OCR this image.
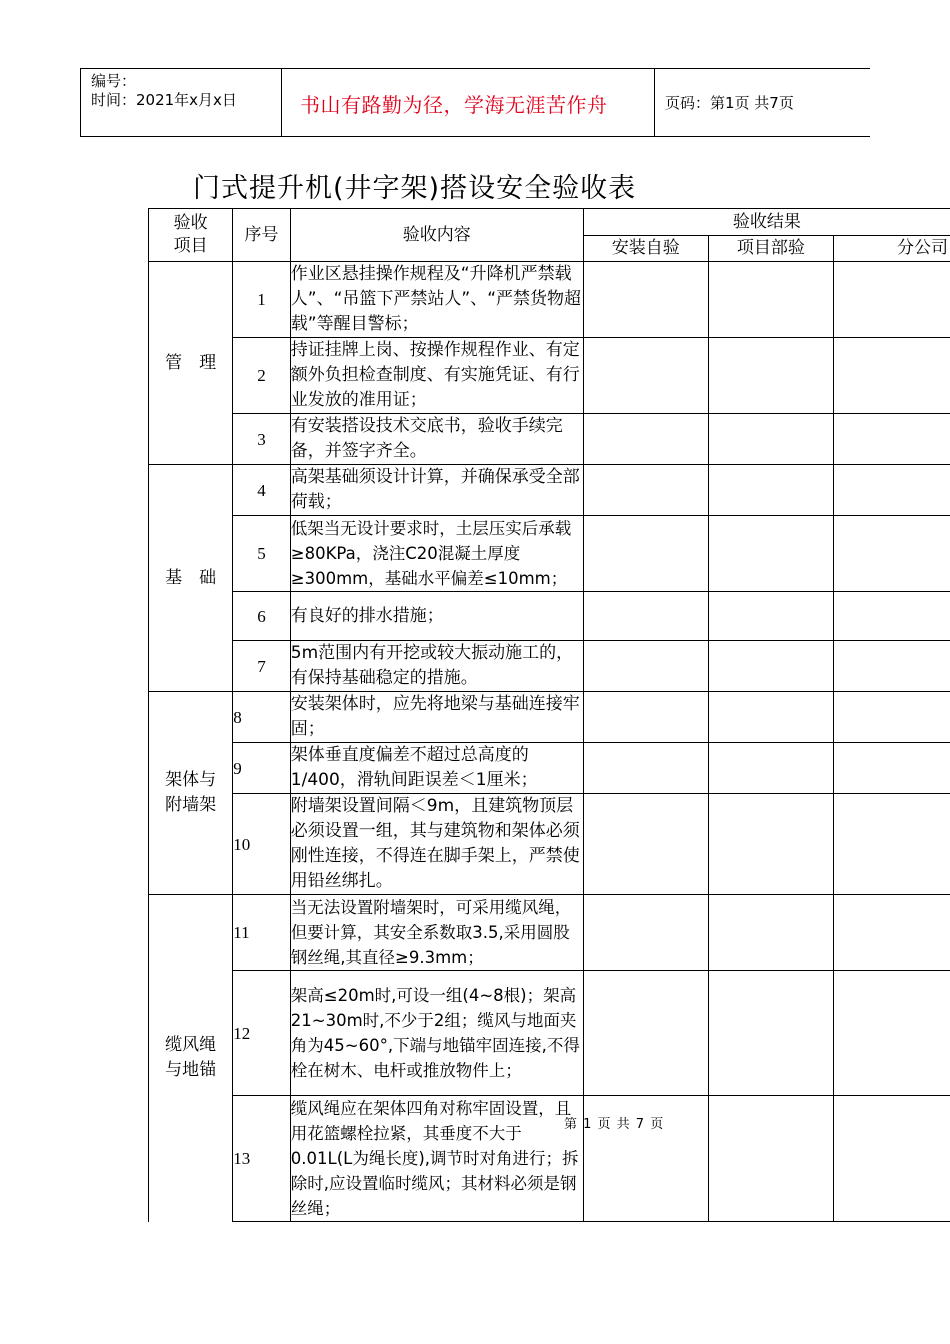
编号：
时间：2021年x月x日	书山有路勤为径，学海无涯苦作舟	页码：第1页 共7页
门式提升机(井字架)搭设安全验收表
验收
项目	序号	验收内容	验收结果		
			安装自验	项目部验	分公司
管　理	1	作业区悬挂操作规程及“升降机严禁载人”、“吊篮下严禁站人”、“严禁货物超载”等醒目警标；			
	2	持证挂牌上岗、按操作规程作业、有定额外负担检查制度、有实施凭证、有行业发放的准用证；			
	3	有安装搭设技术交底书，验收手续完备，并签字齐全。			
基　础	4	高架基础须设计计算，并确保承受全部荷载；			
	5	低架当无设计要求时，土层压实后承载≥80KPa，浇注C20混凝土厚度≥300mm，基础水平偏差≤10mm；			
	6	有良好的排水措施；			
	7	5m范围内有开挖或较大振动施工的，有保持基础稳定的措施。			
架体与
附墙架	8	安装架体时，应先将地梁与基础连接牢固；			
	9	架体垂直度偏差不超过总高度的1/400，滑轨间距误差＜1厘米；			
	10	附墙架设置间隔＜9m，且建筑物顶层必须设置一组，其与建筑物和架体必须刚性连接，不得连在脚手架上，严禁使用铅丝绑扎。			
缆风绳
与地锚	11	当无法设置附墙架时，可采用缆风绳，但要计算，其安全系数取3.5,采用圆股钢丝绳,其直径≥9.3mm；			
	12	架高≤20m时,可设一组(4~8根)；架高21~30m时,不少于2组；缆风与地面夹角为45~60°,下端与地锚牢固连接,不得栓在树木、电杆或推放物件上；			
	13	缆风绳应在架体四角对称牢固设置，且用花篮螺栓拉紧，其垂度不大于0.01L(L为绳长度),调节时对角进行；拆除时,应设置临时缆风；其材料必须是钢丝绳；			
第 1 页 共 7 页
